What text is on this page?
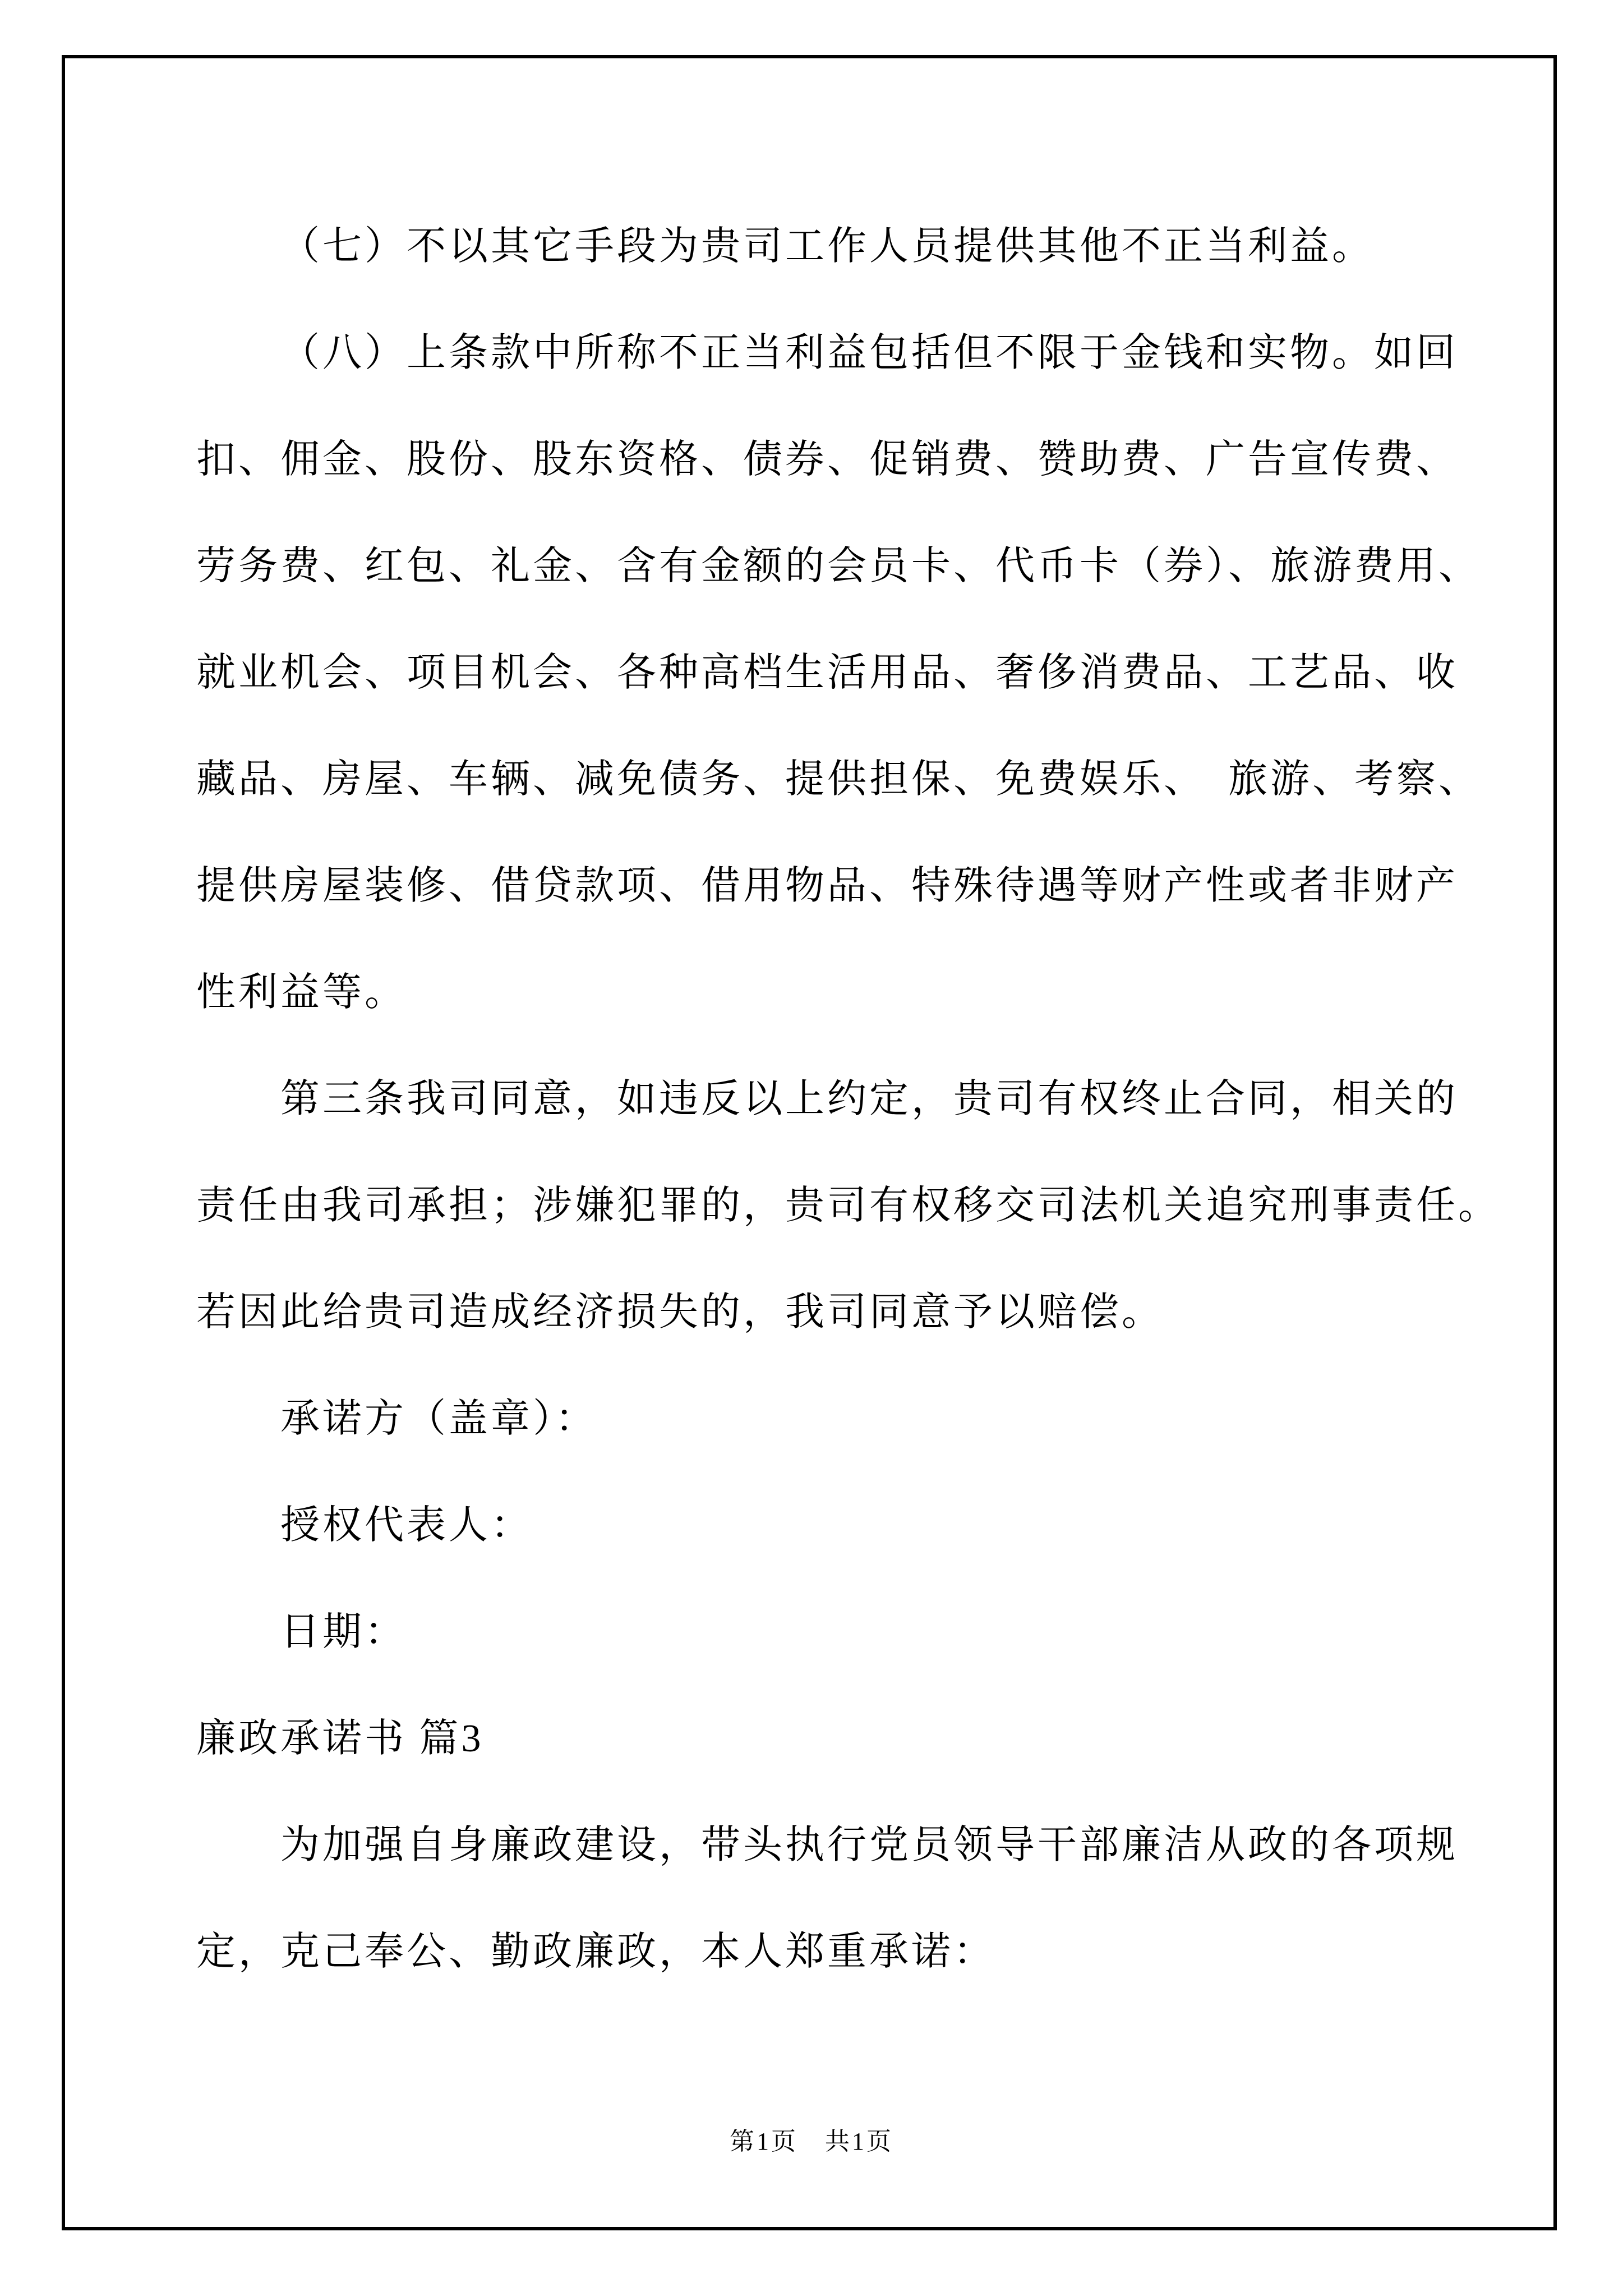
（七）不以其它手段为贵司工作人员提供其他不正当利益。
（八）上条款中所称不正当利益包括但不限于金钱和实物。如回
扣、佣金、股份、股东资格、债券、促销费、赞助费、广告宣传费、
劳务费、红包、礼金、含有金额的会员卡、代币卡（券）、旅游费用、
就业机会、项目机会、各种高档生活用品、奢侈消费品、工艺品、收
藏品、房屋、车辆、减免债务、提供担保、免费娱乐、　旅游、考察、
提供房屋装修、借贷款项、借用物品、特殊待遇等财产性或者非财产
性利益等。
第三条我司同意，如违反以上约定，贵司有权终止合同，相关的
责任由我司承担；涉嫌犯罪的，贵司有权移交司法机关追究刑事责任。
若因此给贵司造成经济损失的，我司同意予以赔偿。
承诺方（盖章）：
授权代表人：
日期：
廉政承诺书 篇3
为加强自身廉政建设，带头执行党员领导干部廉洁从政的各项规
定，克己奉公、勤政廉政，本人郑重承诺：
第1页　共1页
